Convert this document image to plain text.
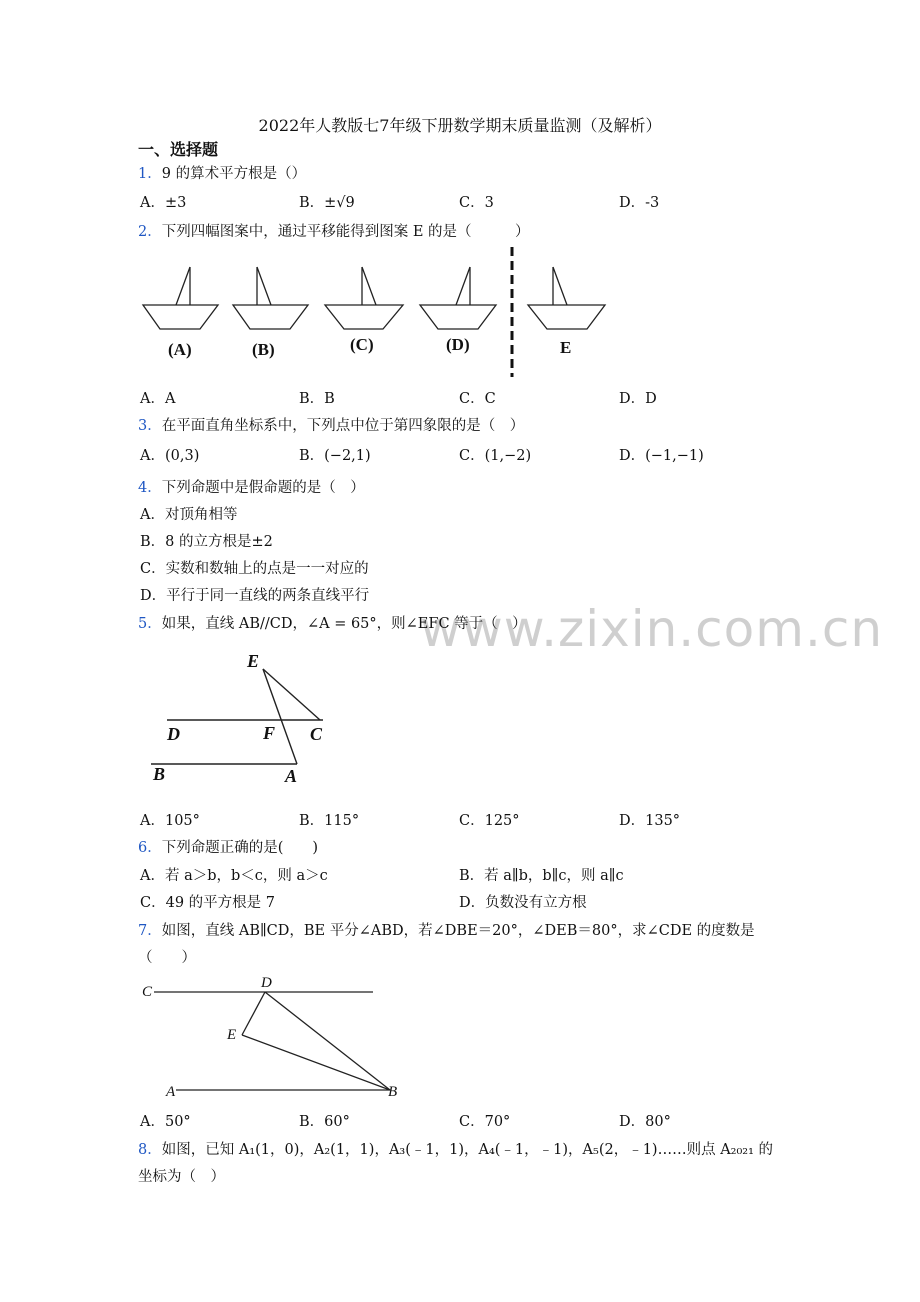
www.zixin.com.cn
2022年人教版七7年级下册数学期末质量监测（及解析）
一、选择题
1．9 的算术平方根是（）
A．±3	B．±√9	C．3	D．-3
2．下列四幅图案中，通过平移能得到图案 E 的是（　　　）
(A)	(B)	(C)	(D)	E
A．A	B．B	C．C	D．D
3．在平面直角坐标系中，下列点中位于第四象限的是（　）
A．(0,3)	B．(−2,1)	C．(1,−2)	D．(−1,−1)
4．下列命题中是假命题的是（　）
A．对顶角相等
B．8 的立方根是±2
C．实数和数轴上的点是一一对应的
D．平行于同一直线的两条直线平行
5．如果，直线 AB//CD，∠A = 65°，则∠EFC 等于（　）
E
D	F C
B	A
A．105°	B．115°	C．125°	D．135°
6．下列命题正确的是(　　)
A．若 a＞b，b＜c，则 a＞c	B．若 a∥b，b∥c，则 a∥c
C．49 的平方根是 7	D．负数没有立方根
7．如图，直线 AB∥CD，BE 平分∠ABD，若∠DBE＝20°，∠DEB＝80°，求∠CDE 的度数是
（　　）
C
D
E
A	B
A．50°	B．60°	C．70°	D．80°
8．如图，已知 A₁(1，0)，A₂(1，1)，A₃(﹣1，1)，A₄(﹣1，﹣1)，A₅(2，﹣1)……则点 A₂₀₂₁ 的
坐标为（　）
